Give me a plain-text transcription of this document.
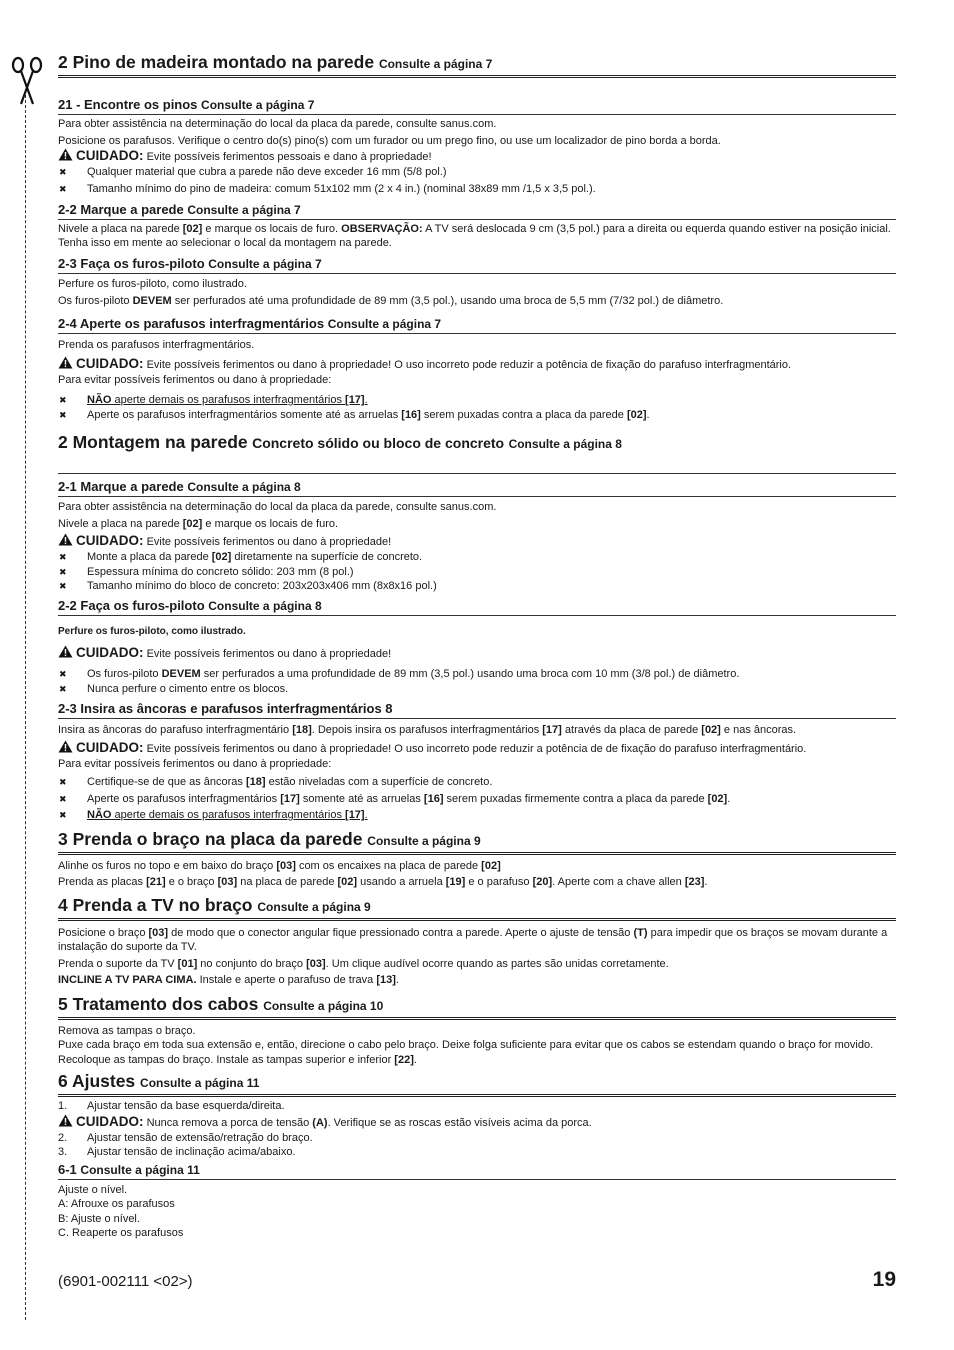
2 Pino de madeira montado na parede Consulte a página 7
21 - Encontre os pinos Consulte a página 7

Para obter assistência na determinação do local da placa da parede, consulte sanus.com.

Posicione os parafusos. Verifique o centro do(s) pino(s) com um furador ou um prego fino, ou use um localizador de pino borda a borda.

CUIDADO: Evite possíveis ferimentos pessoais e dano à propriedade!

✖ Qualquer material que cubra a parede não deve exceder 16 mm (5/8 pol.)
✖ Tamanho mínimo do pino de madeira: comum 51x102 mm (2 x 4 in.) (nominal 38x89 mm /1,5 x 3,5 pol.).
2-2 Marque a parede Consulte a página 7

Nivele a placa na parede [02] e marque os locais de furo. OBSERVAÇÃO: A TV será deslocada 9 cm (3,5 pol.) para a direita ou equerda quando estiver na posição inicial. Tenha isso em mente ao selecionar o local da montagem na parede.

2-3 Faça os furos-piloto Consulte a página 7

Perfure os furos-piloto, como ilustrado.

Os furos-piloto DEVEM ser perfurados até uma profundidade de 89 mm (3,5 pol.), usando uma broca de 5,5 mm (7/32 pol.) de diâmetro.

2-4 Aperte os parafusos interfragmentários Consulte a página 7

Prenda os parafusos interfragmentários.

CUIDADO: Evite possíveis ferimentos ou dano à propriedade! O uso incorreto pode reduzir a potência de fixação do parafuso interfragmentário.

Para evitar possíveis ferimentos ou dano à propriedade:

✖ NÃO aperte demais os parafusos interfragmentários [17].
✖ Aperte os parafusos interfragmentários somente até as arruelas [16] serem puxadas contra a placa da parede [02].
2 Montagem na parede Concreto sólido ou bloco de concreto Consulte a página 8
2-1 Marque a parede Consulte a página 8

Para obter assistência na determinação do local da placa da parede, consulte sanus.com.

Nivele a placa na parede [02] e marque os locais de furo.

CUIDADO: Evite possíveis ferimentos ou dano à propriedade!

✖ Monte a placa da parede [02] diretamente na superfície de concreto.
✖ Espessura mínima do concreto sólido: 203 mm (8 pol.)
✖ Tamanho mínimo do bloco de concreto: 203x203x406 mm (8x8x16 pol.)
2-2 Faça os furos-piloto Consulte a página 8

Perfure os furos-piloto, como ilustrado.

CUIDADO: Evite possíveis ferimentos ou dano à propriedade!

✖ Os furos-piloto DEVEM ser perfurados a uma profundidade de 89 mm (3,5 pol.) usando uma broca com 10 mm (3/8 pol.) de diâmetro.
✖ Nunca perfure o cimento entre os blocos.
2-3 Insira as âncoras e parafusos interfragmentários 8

Insira as âncoras do parafuso interfragmentário [18]. Depois insira os parafusos interfragmentários [17] através da placa de parede [02] e nas âncoras.

CUIDADO: Evite possíveis ferimentos ou dano à propriedade! O uso incorreto pode reduzir a potência de de fixação do parafuso interfragmentário.

Para evitar possíveis ferimentos ou dano à propriedade:

✖ Certifique-se de que as âncoras [18] estão niveladas com a superfície de concreto.
✖ Aperte os parafusos interfragmentários [17] somente até as arruelas [16] serem puxadas firmemente contra a placa da parede [02].
✖ NÃO aperte demais os parafusos interfragmentários [17].
3 Prenda o braço na placa da parede Consulte a página 9

Alinhe os furos no topo e em baixo do braço [03] com os encaixes na placa de parede [02]

Prenda as placas [21] e o braço [03] na placa de parede [02] usando a arruela [19] e o parafuso [20]. Aperte com a chave allen [23].

4 Prenda a TV no braço Consulte a página 9

Posicione o braço [03] de modo que o conector angular fique pressionado contra a parede. Aperte o ajuste de tensão (T) para impedir que os braços se movam durante a instalação do suporte da TV.

Prenda o suporte da TV [01] no conjunto do braço [03]. Um clique audível ocorre quando as partes são unidas corretamente.

INCLINE A TV PARA CIMA. Instale e aperte o parafuso de trava [13].

5 Tratamento dos cabos Consulte a página 10

Remova as tampas o braço.

Puxe cada braço em toda sua extensão e, então, direcione o cabo pelo braço. Deixe folga suficiente para evitar que os cabos se estendam quando o braço for movido.

Recoloque as tampas do braço. Instale as tampas superior e inferior [22].

6 Ajustes Consulte a página 11
1. Ajustar tensão da base esquerda/direita.

CUIDADO: Nunca remova a porca de tensão (A). Verifique se as roscas estão visíveis acima da porca.

2. Ajustar tensão de extensão/retração do braço.
3. Ajustar tensão de inclinação acima/abaixo.
6-1 Consulte a página 11

Ajuste o nível.

A: Afrouxe os parafusos

B: Ajuste o nível.

C. Reaperte os parafusos

(6901-002111 <02>)	19
